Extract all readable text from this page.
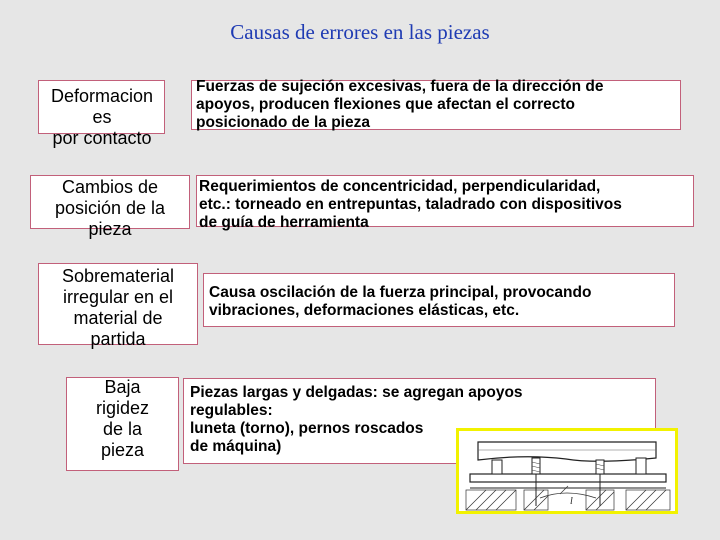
Causas de errores en las piezas
Deformacion
es
por contacto
Fuerzas de sujeción excesivas, fuera de la dirección de
apoyos, producen flexiones que afectan el correcto
posicionado de la pieza
Cambios de
posición de la
pieza
Requerimientos de concentricidad, perpendicularidad,
etc.: torneado en entrepuntas, taladrado con dispositivos
de guía de herramienta
Sobrematerial
irregular en el
material de
partida
Causa oscilación de la fuerza principal, provocando
vibraciones, deformaciones elásticas, etc.
Baja
rigidez
de la
pieza
Piezas largas y delgadas: se agregan apoyos
regulables:
luneta (torno), pernos roscados
de máquina)
l
